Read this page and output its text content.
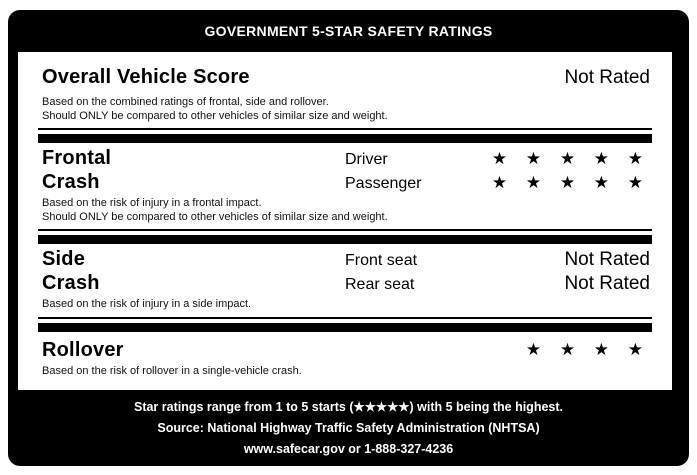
GOVERNMENT 5-STAR SAFETY RATINGS
Overall Vehicle Score	Not Rated
Based on the combined ratings of frontal, side and rollover.
Should ONLY be compared to other vehicles of similar size and weight.
Frontal	Driver	★ ★ ★ ★ ★
Crash	Passenger	★ ★ ★ ★ ★
Based on the risk of injury in a frontal impact.
Should ONLY be compared to other vehicles of similar size and weight.
Side	Front seat	Not Rated
Crash	Rear seat	Not Rated
Based on the risk of injury in a side impact.
Rollover	★ ★ ★ ★
Based on the risk of rollover in a single-vehicle crash.
Star ratings range from 1 to 5 starts (★★★★★) with 5 being the highest.
Source: National Highway Traffic Safety Administration (NHTSA)
www.safecar.gov or 1-888-327-4236
